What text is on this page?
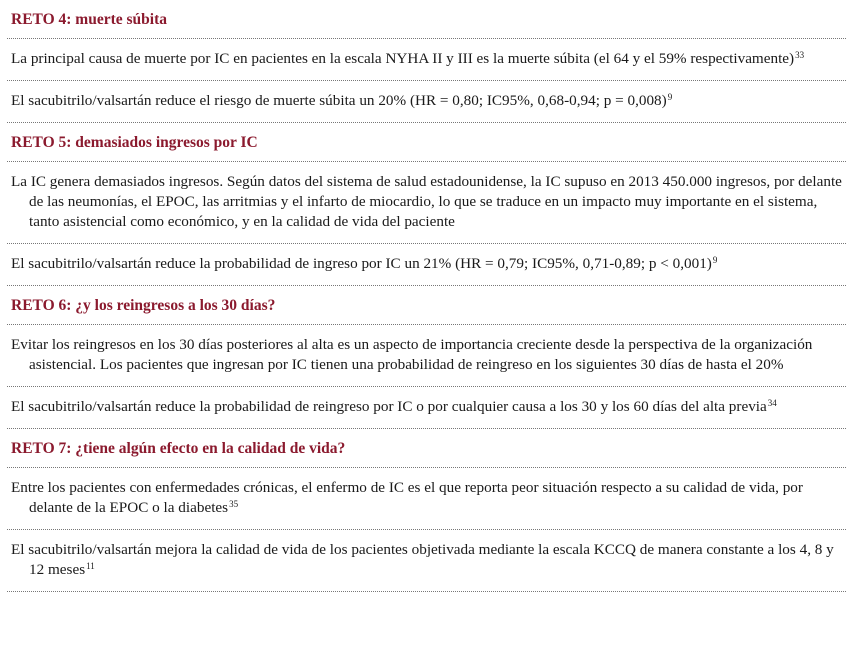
RETO 4: muerte súbita
La principal causa de muerte por IC en pacientes en la escala NYHA II y III es la muerte súbita (el 64 y el 59% respectivamente)$^{33}$
El sacubitrilo/valsartán reduce el riesgo de muerte súbita un 20% (HR = 0,80; IC95%, 0,68-0,94; p = 0,008)$^9$
RETO 5: demasiados ingresos por IC
La IC genera demasiados ingresos. Según datos del sistema de salud estadounidense, la IC supuso en 2013 450.000 ingresos, por delante de las neumonías, el EPOC, las arritmias y el infarto de miocardio, lo que se traduce en un impacto muy importante en el sistema, tanto asistencial como económico, y en la calidad de vida del paciente
El sacubitrilo/valsartán reduce la probabilidad de ingreso por IC un 21% (HR = 0,79; IC95%, 0,71-0,89; p < 0,001)$^9$
RETO 6: ¿y los reingresos a los 30 días?
Evitar los reingresos en los 30 días posteriores al alta es un aspecto de importancia creciente desde la perspectiva de la organización asistencial. Los pacientes que ingresan por IC tienen una probabilidad de reingreso en los siguientes 30 días de hasta el 20%
El sacubitrilo/valsartán reduce la probabilidad de reingreso por IC o por cualquier causa a los 30 y los 60 días del alta previa$^{34}$
RETO 7: ¿tiene algún efecto en la calidad de vida?
Entre los pacientes con enfermedades crónicas, el enfermo de IC es el que reporta peor situación respecto a su calidad de vida, por delante de la EPOC o la diabetes$^{35}$
El sacubitrilo/valsartán mejora la calidad de vida de los pacientes objetivada mediante la escala KCCQ de manera constante a los 4, 8 y 12 meses$^{11}$
